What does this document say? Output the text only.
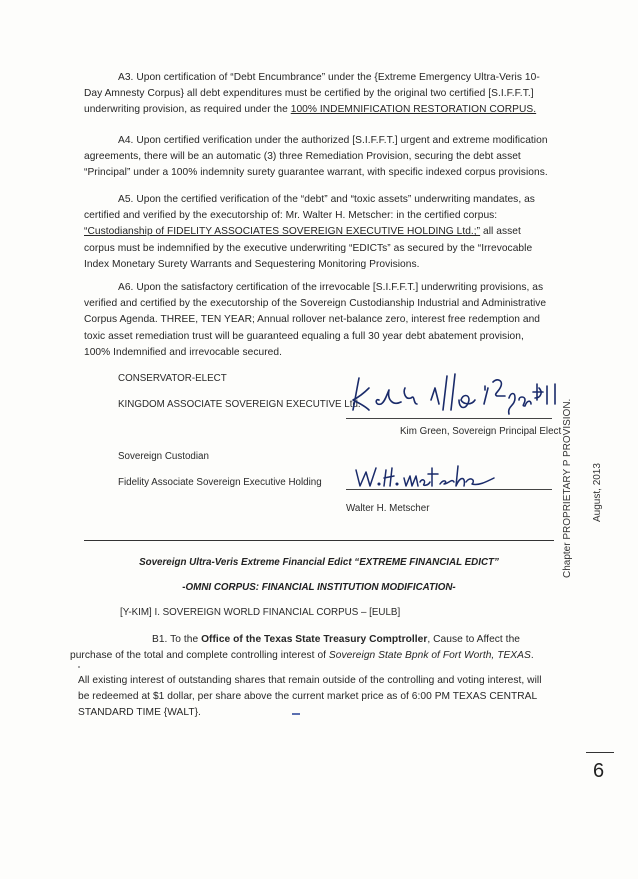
A3. Upon certification of “Debt Encumbrance” under the {Extreme Emergency Ultra-Veris 10-Day Amnesty Corpus} all debt expenditures must be certified by the original two certified [S.I.F.F.T.] underwriting provision, as required under the 100% INDEMNIFICATION RESTORATION CORPUS.
A4. Upon certified verification under the authorized [S.I.F.F.T.] urgent and extreme modification agreements, there will be an automatic (3) three Remediation Provision, securing the debt asset “Principal” under a 100% indemnity surety guarantee warrant, with specific indexed corpus provisions.
A5. Upon the certified verification of the “debt” and “toxic assets” underwriting mandates, as certified and verified by the executorship of: Mr. Walter H. Metscher: in the certified corpus: “Custodianship of FIDELITY ASSOCIATES SOVEREIGN EXECUTIVE HOLDING Ltd.;” all asset corpus must be indemnified by the executive underwriting “EDICTs” as secured by the “Irrevocable Index Monetary Surety Warrants and Sequestering Monitoring Provisions.
A6. Upon the satisfactory certification of the irrevocable [S.I.F.F.T.] underwriting provisions, as verified and certified by the executorship of the Sovereign Custodianship Industrial and Administrative Corpus Agenda. THREE, TEN YEAR; Annual rollover net-balance zero, interest free redemption and toxic asset remediation trust will be guaranteed equaling a full 30 year debt abatement provision, 100% Indemnified and irrevocable secured.
CONSERVATOR-ELECT
KINGDOM ASSOCIATE SOVEREIGN EXECUTIVE Ltd.
Kim Green, Sovereign Principal Elect
Sovereign Custodian
Fidelity Associate Sovereign Executive Holding
Walter H. Metscher	Chapter PROPRIETARY P PROVISION. August, 2013
Sovereign Ultra-Veris Extreme Financial Edict “EXTREME FINANCIAL EDICT”
-OMNI CORPUS: FINANCIAL INSTITUTION MODIFICATION-
[Y-KIM] I. SOVEREIGN WORLD FINANCIAL CORPUS – [EULB]
B1. To the Office of the Texas State Treasury Comptroller, Cause to Affect the purchase of the total and complete controlling interest of Sovereign State Bpnk of Fort Worth, TEXAS.
All existing interest of outstanding shares that remain outside of the controlling and voting interest, will be redeemed at $1 dollar, per share above the current market price as of 6:00 PM TEXAS CENTRAL STANDARD TIME {WALT}.
6
